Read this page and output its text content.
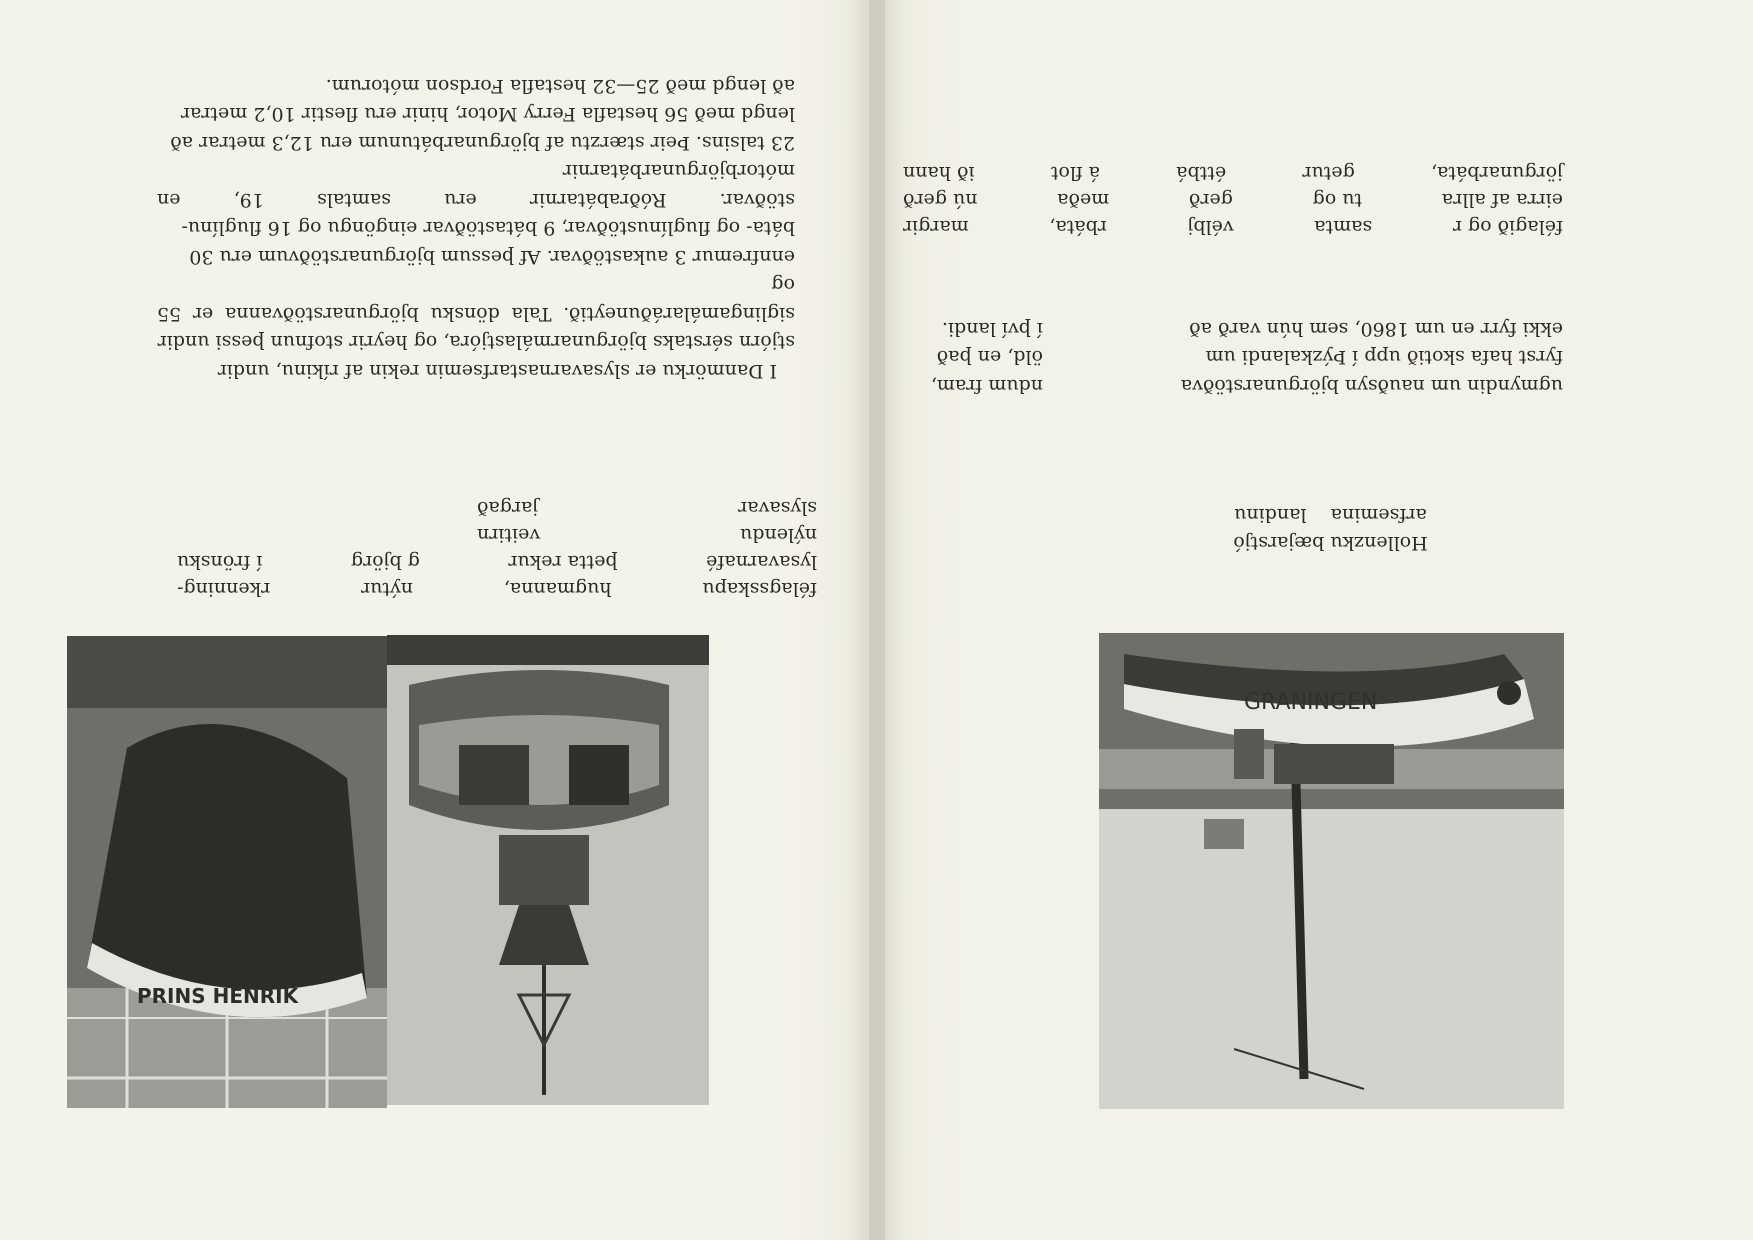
GRANINGEN
Hollenzku bæjarstjó
arfsemina    landinu

ugmyndin um nauðsyn björgunarstöðva

fyrst hafa skotið upp í Þýzkalandi um

ekki fyrr en um 1860, sem hún varð að

ndum fram,

öld, en það

í því landi.

félagið og r
samta
vélbj
rbáta,
margir
eirra af allra
tu og
gerð
meða
nú gerð
jörgunarbáta,
getur
éttbá
á flot
ið hann
PRINS HENRIK
félagsskapu
hugmanna,
nýtur
rkenning-
lysavarnafé
þetta rekur
g björg
í frönsku
nýlendu
veitirn
slysavar
jargað

I Danmörku er slysavarnastarfsemin rekin af ríkinu, undir

stjórn sérstaks björgunarmálastjóra, og heyrir stofnun þessi undir

siglingamálaráðuneytið. Tala dönsku björgunarstöðvanna er 55 og

ennfremur 3 aukastöðvar. Af þessum björgunarstöðvum eru 30

báta- og fluglínustöðvar, 9 bátastöðvar eingöngu og 16 fluglínu-

stöðvar. Róðrabátarnir eru samtals 19, en mótorbjörgunarbátarnir

23 talsins. Þeir stærztu af björgunarbátunum eru 12,3 metrar að

lengd með 56 hestafla Ferry Motor, hinir eru flestir 10,2 metrar

að lengd með 25—32 hestafla Fordson mótorum.
